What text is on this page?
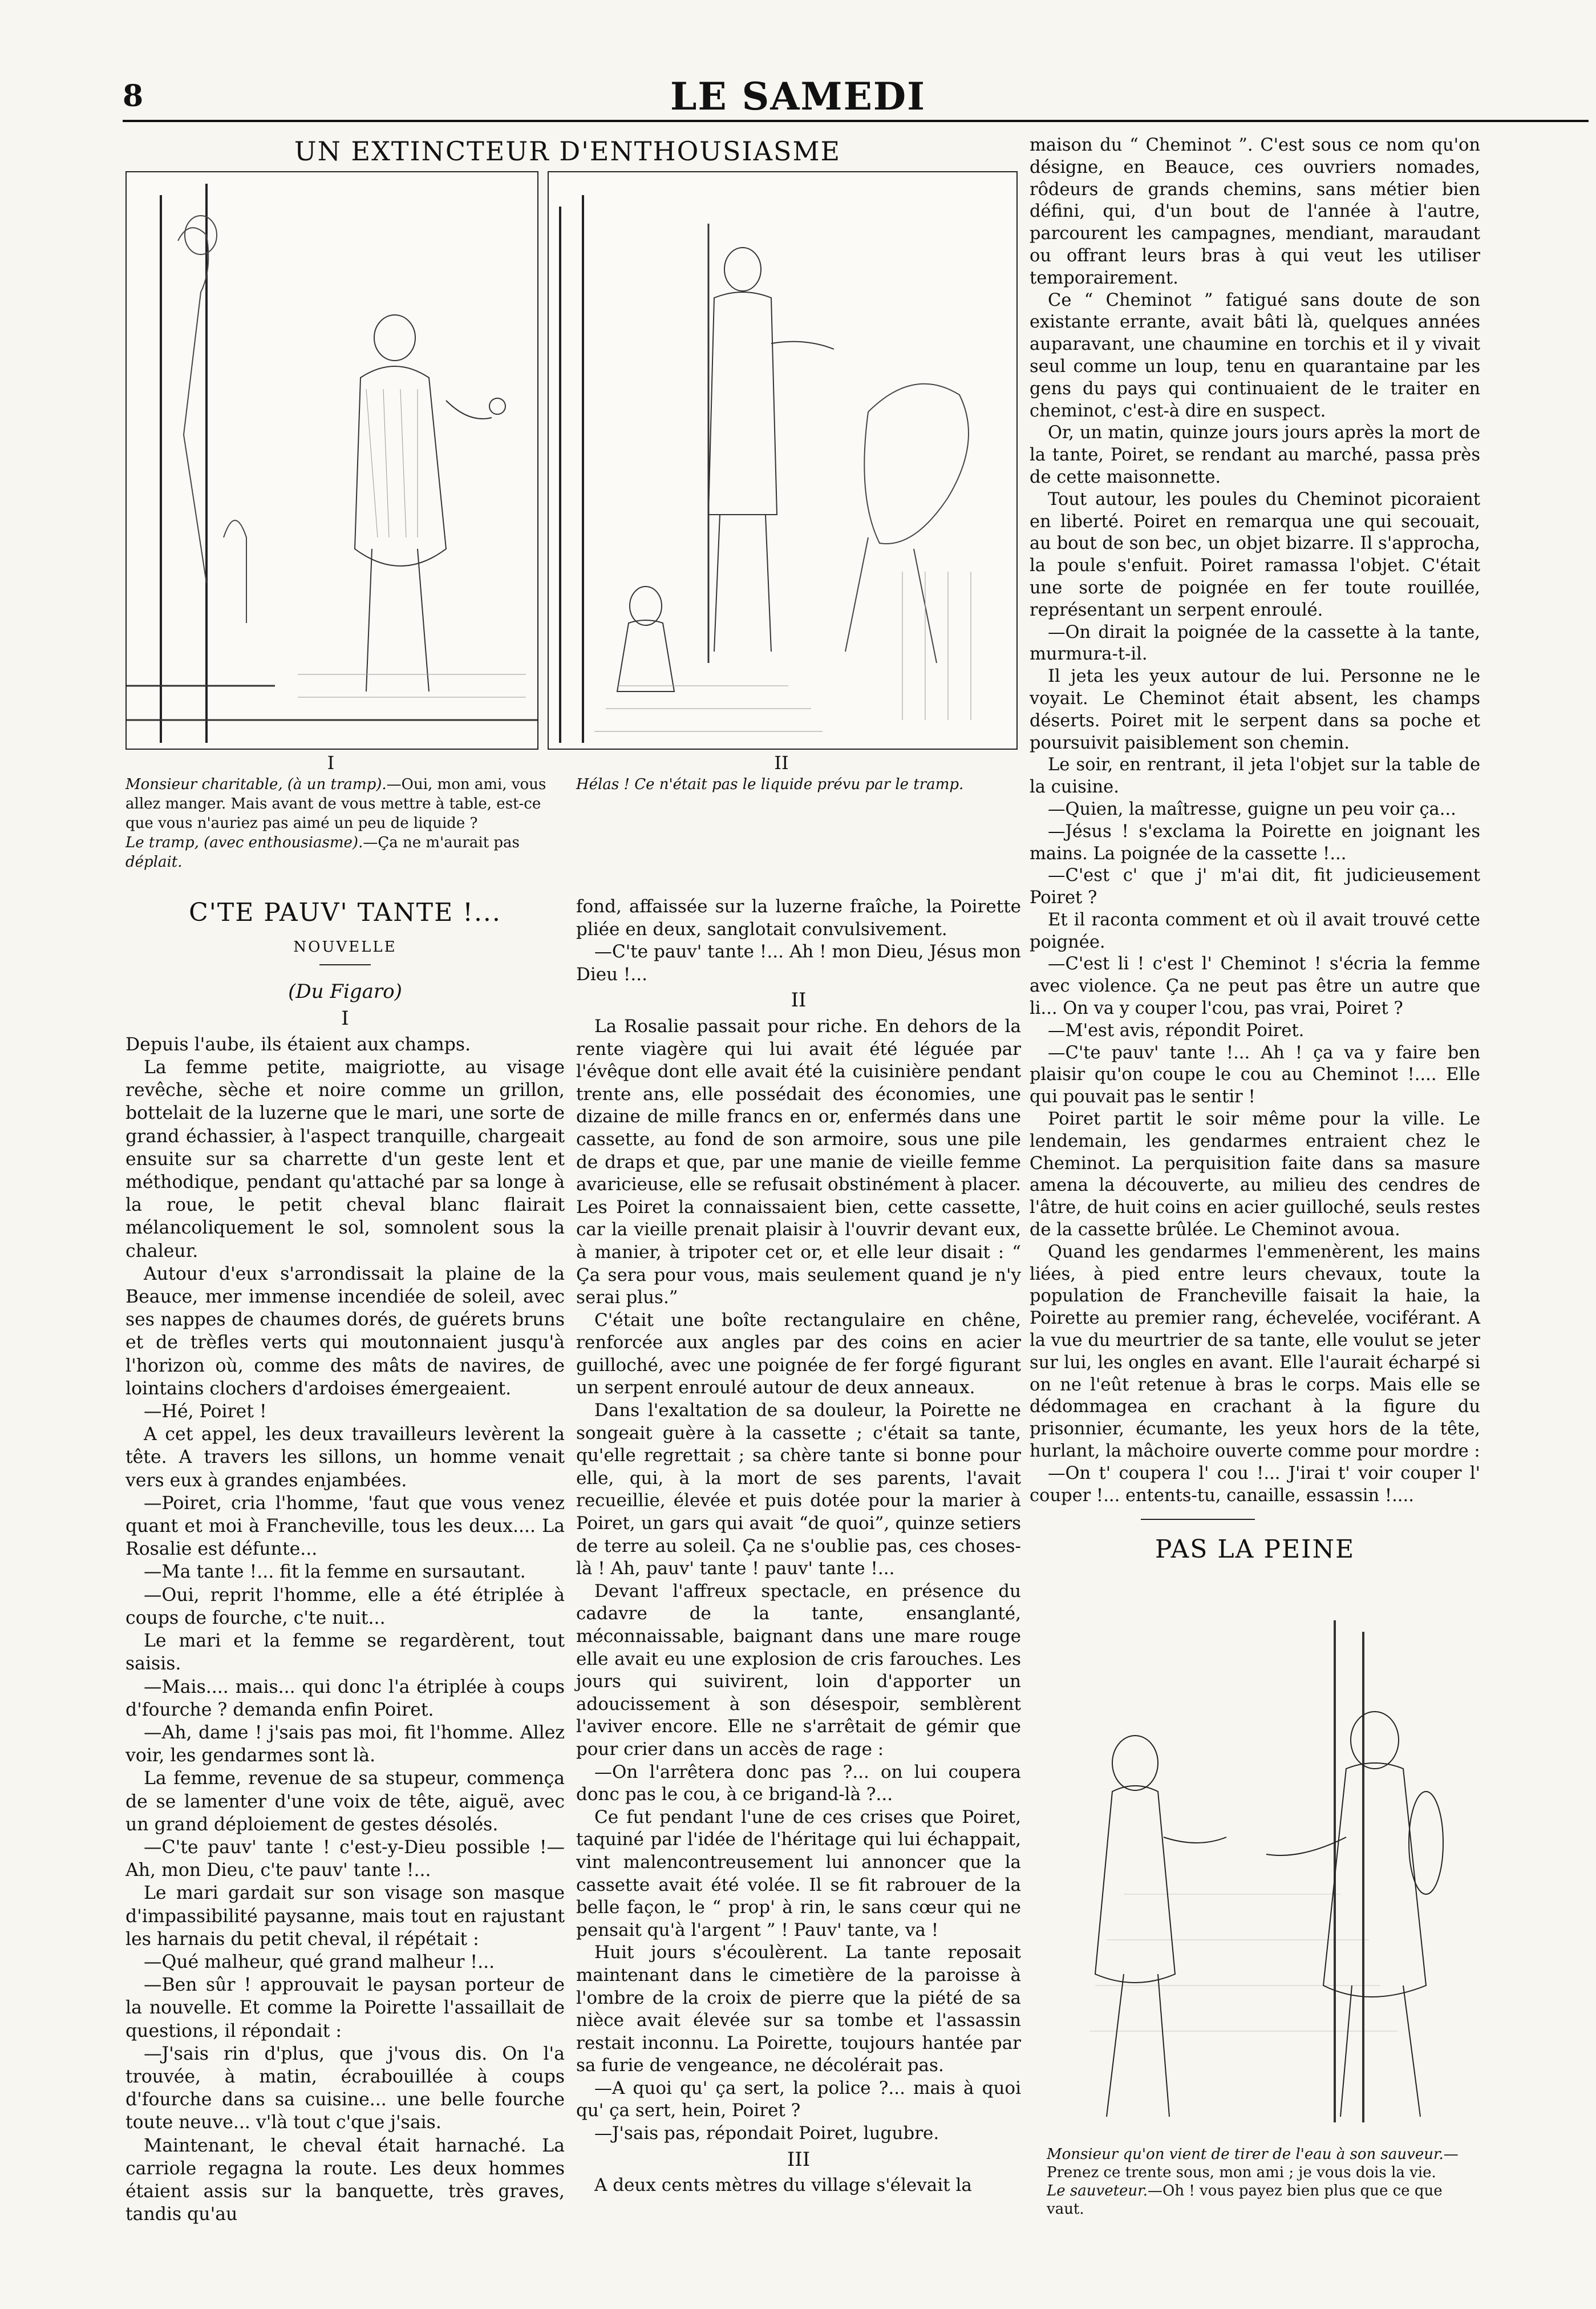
8	LE SAMEDI
UN EXTINCTEUR D'ENTHOUSIASME
I	II
Monsieur charitable, (à un tramp).—Oui, mon ami, vous allez manger. Mais avant de vous mettre à table, est-ce que vous n'auriez pas aimé un peu de liquide ?
Le tramp, (avec enthousiasme).—Ça ne m'aurait pas déplait.
Hélas ! Ce n'était pas le liquide prévu par le tramp.
C'TE PAUV' TANTE !...
NOUVELLE
(Du Figaro)

I

Depuis l'aube, ils étaient aux champs.

La femme petite, maigriotte, au visage revêche, sèche et noire comme un grillon, bottelait de la luzerne que le mari, une sorte de grand échassier, à l'aspect tranquille, chargeait ensuite sur sa charrette d'un geste lent et méthodique, pendant qu'attaché par sa longe à la roue, le petit cheval blanc flairait mélancoliquement le sol, somnolent sous la chaleur.

Autour d'eux s'arrondissait la plaine de la Beauce, mer immense incendiée de soleil, avec ses nappes de chaumes dorés, de guérets bruns et de trèfles verts qui moutonnaient jusqu'à l'horizon où, comme des mâts de navires, de lointains clochers d'ardoises émergeaient.

—Hé, Poiret !

A cet appel, les deux travailleurs levèrent la tête. A travers les sillons, un homme venait vers eux à grandes enjambées.

—Poiret, cria l'homme, 'faut que vous venez quant et moi à Francheville, tous les deux.... La Rosalie est défunte...

—Ma tante !... fit la femme en sursautant.

—Oui, reprit l'homme, elle a été étriplée à coups de fourche, c'te nuit...

Le mari et la femme se regardèrent, tout saisis.

—Mais.... mais... qui donc l'a étriplée à coups d'fourche ? demanda enfin Poiret.

—Ah, dame ! j'sais pas moi, fit l'homme. Allez voir, les gendarmes sont là.

La femme, revenue de sa stupeur, commença de se lamenter d'une voix de tête, aiguë, avec un grand déploiement de gestes désolés.

—C'te pauv' tante ! c'est-y-Dieu possible !—Ah, mon Dieu, c'te pauv' tante !...

Le mari gardait sur son visage son masque d'impassibilité paysanne, mais tout en rajustant les harnais du petit cheval, il répétait :

—Qué malheur, qué grand malheur !...

—Ben sûr ! approuvait le paysan porteur de la nouvelle. Et comme la Poirette l'assaillait de questions, il répondait :

—J'sais rin d'plus, que j'vous dis. On l'a trouvée, à matin, écrabouillée à coups d'fourche dans sa cuisine... une belle fourche toute neuve... v'là tout c'que j'sais.

Maintenant, le cheval était harnaché. La carriole regagna la route. Les deux hommes étaient assis sur la banquette, très graves, tandis qu'au

fond, affaissée sur la luzerne fraîche, la Poirette pliée en deux, sanglotait convulsivement.

—C'te pauv' tante !... Ah ! mon Dieu, Jésus mon Dieu !...

II

La Rosalie passait pour riche. En dehors de la rente viagère qui lui avait été léguée par l'évêque dont elle avait été la cuisinière pendant trente ans, elle possédait des économies, une dizaine de mille francs en or, enfermés dans une cassette, au fond de son armoire, sous une pile de draps et que, par une manie de vieille femme avaricieuse, elle se refusait obstinément à placer. Les Poiret la connaissaient bien, cette cassette, car la vieille prenait plaisir à l'ouvrir devant eux, à manier, à tripoter cet or, et elle leur disait : “ Ça sera pour vous, mais seulement quand je n'y serai plus.”

C'était une boîte rectangulaire en chêne, renforcée aux angles par des coins en acier guilloché, avec une poignée de fer forgé figurant un serpent enroulé autour de deux anneaux.

Dans l'exaltation de sa douleur, la Poirette ne songeait guère à la cassette ; c'était sa tante, qu'elle regrettait ; sa chère tante si bonne pour elle, qui, à la mort de ses parents, l'avait recueillie, élevée et puis dotée pour la marier à Poiret, un gars qui avait “de quoi”, quinze setiers de terre au soleil. Ça ne s'oublie pas, ces choses-là ! Ah, pauv' tante ! pauv' tante !...

Devant l'affreux spectacle, en présence du cadavre de la tante, ensanglanté, méconnaissable, baignant dans une mare rouge elle avait eu une explosion de cris farouches. Les jours qui suivirent, loin d'apporter un adoucissement à son désespoir, semblèrent l'aviver encore. Elle ne s'arrêtait de gémir que pour crier dans un accès de rage :

—On l'arrêtera donc pas ?... on lui coupera donc pas le cou, à ce brigand-là ?...

Ce fut pendant l'une de ces crises que Poiret, taquiné par l'idée de l'héritage qui lui échappait, vint malencontreusement lui annoncer que la cassette avait été volée. Il se fit rabrouer de la belle façon, le “ prop' à rin, le sans cœur qui ne pensait qu'à l'argent ” ! Pauv' tante, va !

Huit jours s'écoulèrent. La tante reposait maintenant dans le cimetière de la paroisse à l'ombre de la croix de pierre que la piété de sa nièce avait élevée sur sa tombe et l'assassin restait inconnu. La Poirette, toujours hantée par sa furie de vengeance, ne décolérait pas.

—A quoi qu' ça sert, la police ?... mais à quoi qu' ça sert, hein, Poiret ?

—J'sais pas, répondait Poiret, lugubre.

III

A deux cents mètres du village s'élevait la

maison du “ Cheminot ”. C'est sous ce nom qu'on désigne, en Beauce, ces ouvriers nomades, rôdeurs de grands chemins, sans métier bien défini, qui, d'un bout de l'année à l'autre, parcourent les campagnes, mendiant, maraudant ou offrant leurs bras à qui veut les utiliser temporairement.

Ce “ Cheminot ” fatigué sans doute de son existante errante, avait bâti là, quelques années auparavant, une chaumine en torchis et il y vivait seul comme un loup, tenu en quarantaine par les gens du pays qui continuaient de le traiter en cheminot, c'est-à dire en suspect.

Or, un matin, quinze jours jours après la mort de la tante, Poiret, se rendant au marché, passa près de cette maisonnette.

Tout autour, les poules du Cheminot picoraient en liberté. Poiret en remarqua une qui secouait, au bout de son bec, un objet bizarre. Il s'approcha, la poule s'enfuit. Poiret ramassa l'objet. C'était une sorte de poignée en fer toute rouillée, représentant un serpent enroulé.

—On dirait la poignée de la cassette à la tante, murmura-t-il.

Il jeta les yeux autour de lui. Personne ne le voyait. Le Cheminot était absent, les champs déserts. Poiret mit le serpent dans sa poche et poursuivit paisiblement son chemin.

Le soir, en rentrant, il jeta l'objet sur la table de la cuisine.

—Quien, la maîtresse, guigne un peu voir ça...

—Jésus ! s'exclama la Poirette en joignant les mains. La poignée de la cassette !...

—C'est c' que j' m'ai dit, fit judicieusement Poiret ?

Et il raconta comment et où il avait trouvé cette poignée.

—C'est li ! c'est l' Cheminot ! s'écria la femme avec violence. Ça ne peut pas être un autre que li... On va y couper l'cou, pas vrai, Poiret ?

—M'est avis, répondit Poiret.

—C'te pauv' tante !... Ah ! ça va y faire ben plaisir qu'on coupe le cou au Cheminot !.... Elle qui pouvait pas le sentir !

Poiret partit le soir même pour la ville. Le lendemain, les gendarmes entraient chez le Cheminot. La perquisition faite dans sa masure amena la découverte, au milieu des cendres de l'âtre, de huit coins en acier guilloché, seuls restes de la cassette brûlée. Le Cheminot avoua.

Quand les gendarmes l'emmenèrent, les mains liées, à pied entre leurs chevaux, toute la population de Francheville faisait la haie, la Poirette au premier rang, échevelée, vociférant. A la vue du meurtrier de sa tante, elle voulut se jeter sur lui, les ongles en avant. Elle l'aurait écharpé si on ne l'eût retenue à bras le corps. Mais elle se dédommagea en crachant à la figure du prisonnier, écumante, les yeux hors de la tête, hurlant, la mâchoire ouverte comme pour mordre :

—On t' coupera l' cou !... J'irai t' voir couper l' couper !... entents-tu, canaille, essassin !....

PAS LA PEINE
Monsieur qu'on vient de tirer de l'eau à son sauveur.—Prenez ce trente sous, mon ami ; je vous dois la vie.
Le sauveteur.—Oh ! vous payez bien plus que ce que vaut.
